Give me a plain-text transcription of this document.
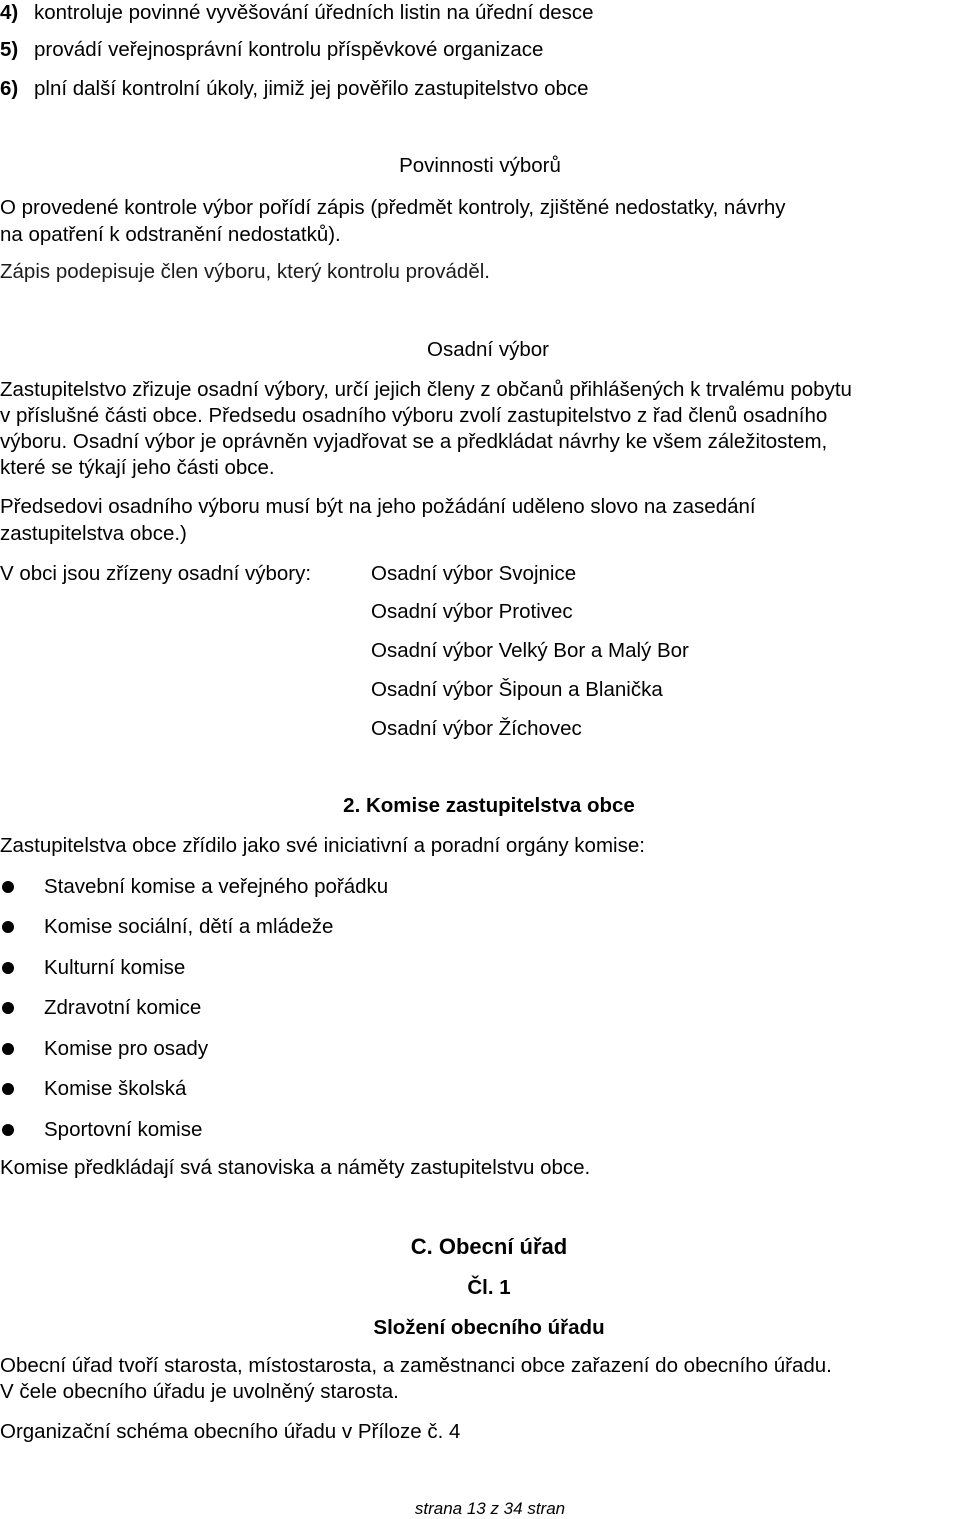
4) kontroluje povinné vyvěšování úředních listin na úřední desce
5) provádí veřejnosprávní kontrolu příspěvkové organizace
6) plní další kontrolní úkoly, jimiž jej pověřilo zastupitelstvo obce
Povinnosti výborů
O provedené kontrole výbor pořídí zápis (předmět kontroly, zjištěné nedostatky, návrhy
na opatření k odstranění nedostatků).
Zápis podepisuje člen výboru, který kontrolu prováděl.
Osadní výbor
Zastupitelstvo zřizuje osadní výbory, určí jejich členy z občanů přihlášených k trvalému pobytu
v příslušné části obce. Předsedu osadního výboru zvolí zastupitelstvo z řad členů osadního
výboru. Osadní výbor je oprávněn vyjadřovat se a předkládat návrhy ke všem záležitostem,
které se týkají jeho části obce.
Předsedovi osadního výboru musí být na jeho požádání uděleno slovo na zasedání
zastupitelstva obce.)
V obci jsou zřízeny osadní výbory:	Osadní výbor Svojnice
Osadní výbor Protivec
Osadní výbor Velký Bor a Malý Bor
Osadní výbor Šipoun a Blanička
Osadní výbor Žíchovec
2. Komise zastupitelstva obce
Zastupitelstva obce zřídilo jako své iniciativní a poradní orgány komise:
Stavební komise a veřejného pořádku
Komise sociální, dětí a mládeže
Kulturní komise
Zdravotní komice
Komise pro osady
Komise školská
Sportovní komise
Komise předkládají svá stanoviska a náměty zastupitelstvu obce.
C. Obecní úřad
Čl. 1
Složení obecního úřadu
Obecní úřad tvoří starosta, místostarosta, a zaměstnanci obce zařazení do obecního úřadu.
V čele obecního úřadu je uvolněný starosta.
Organizační schéma obecního úřadu v Příloze č. 4
strana 13 z 34 stran
